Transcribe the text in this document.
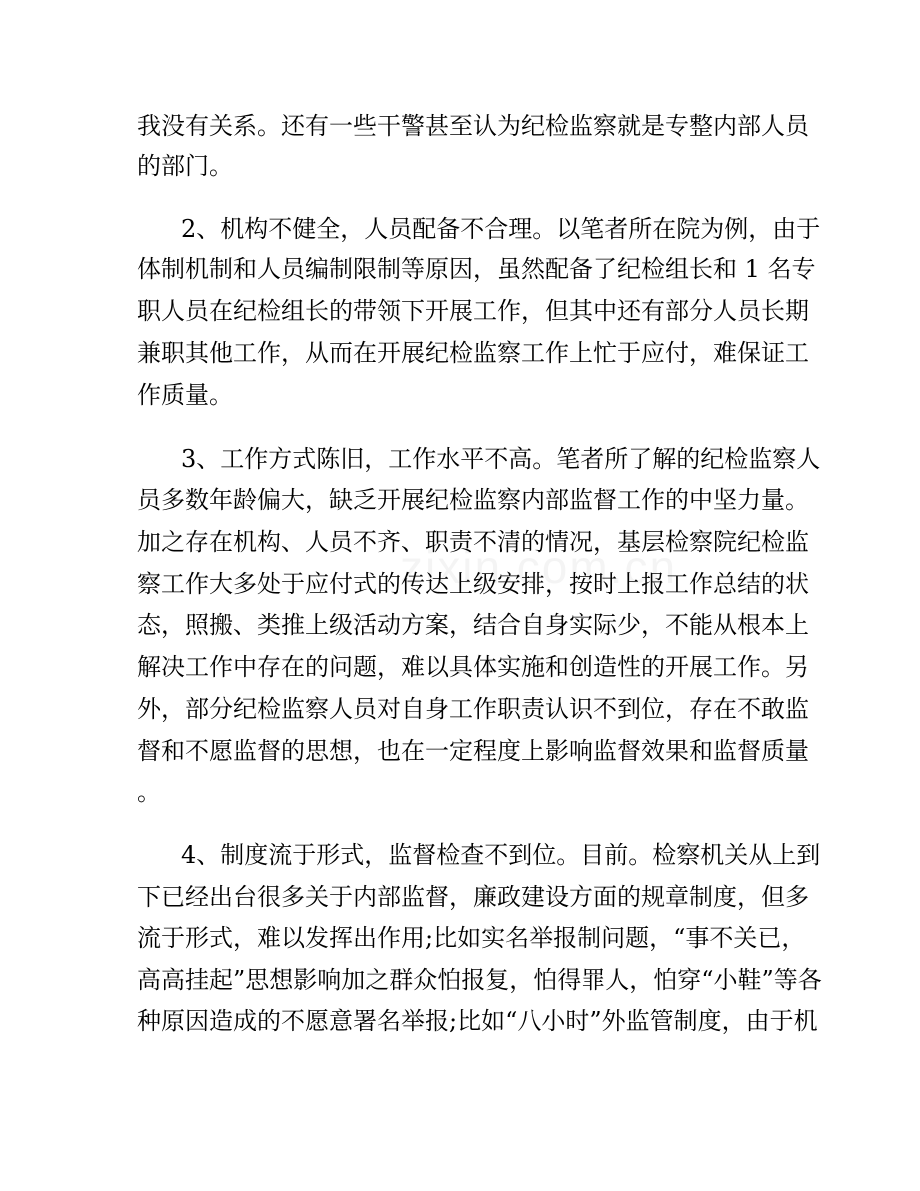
我没有关系。还有一些干警甚至认为纪检监察就是专整内部人员
的部门。
2、机构不健全，人员配备不合理。以笔者所在院为例，由于
体制机制和人员编制限制等原因，虽然配备了纪检组长和 1 名专
职人员在纪检组长的带领下开展工作，但其中还有部分人员长期
兼职其他工作，从而在开展纪检监察工作上忙于应付，难保证工
作质量。
3、工作方式陈旧，工作水平不高。笔者所了解的纪检监察人
员多数年龄偏大，缺乏开展纪检监察内部监督工作的中坚力量。
加之存在机构、人员不齐、职责不清的情况，基层检察院纪检监
察工作大多处于应付式的传达上级安排，按时上报工作总结的状
态，照搬、类推上级活动方案，结合自身实际少，不能从根本上
解决工作中存在的问题，难以具体实施和创造性的开展工作。另
外，部分纪检监察人员对自身工作职责认识不到位，存在不敢监
督和不愿监督的思想，也在一定程度上影响监督效果和监督质量
。
4、制度流于形式，监督检查不到位。目前。检察机关从上到
下已经出台很多关于内部监督，廉政建设方面的规章制度，但多
流于形式，难以发挥出作用;比如实名举报制问题，“事不关已，
高高挂起”思想影响加之群众怕报复，怕得罪人，怕穿“小鞋”等各
种原因造成的不愿意署名举报;比如“八小时”外监管制度，由于机
